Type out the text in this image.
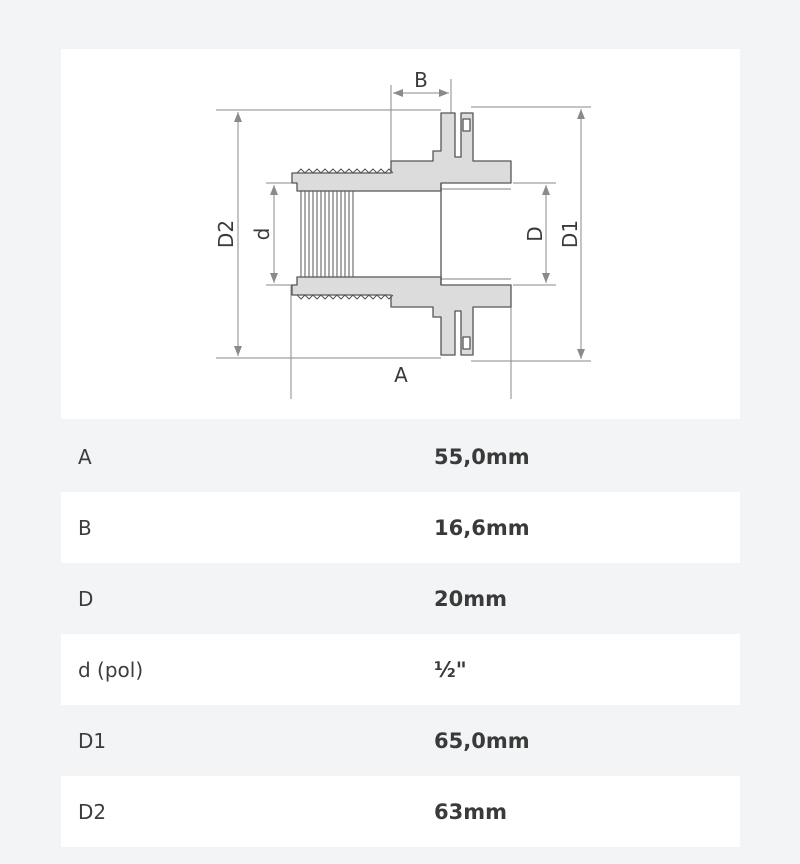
B
A
D2 d	D D1
A	55,0mm
B	16,6mm
D	20mm
d (pol)	½"
D1	65,0mm
D2	63mm
